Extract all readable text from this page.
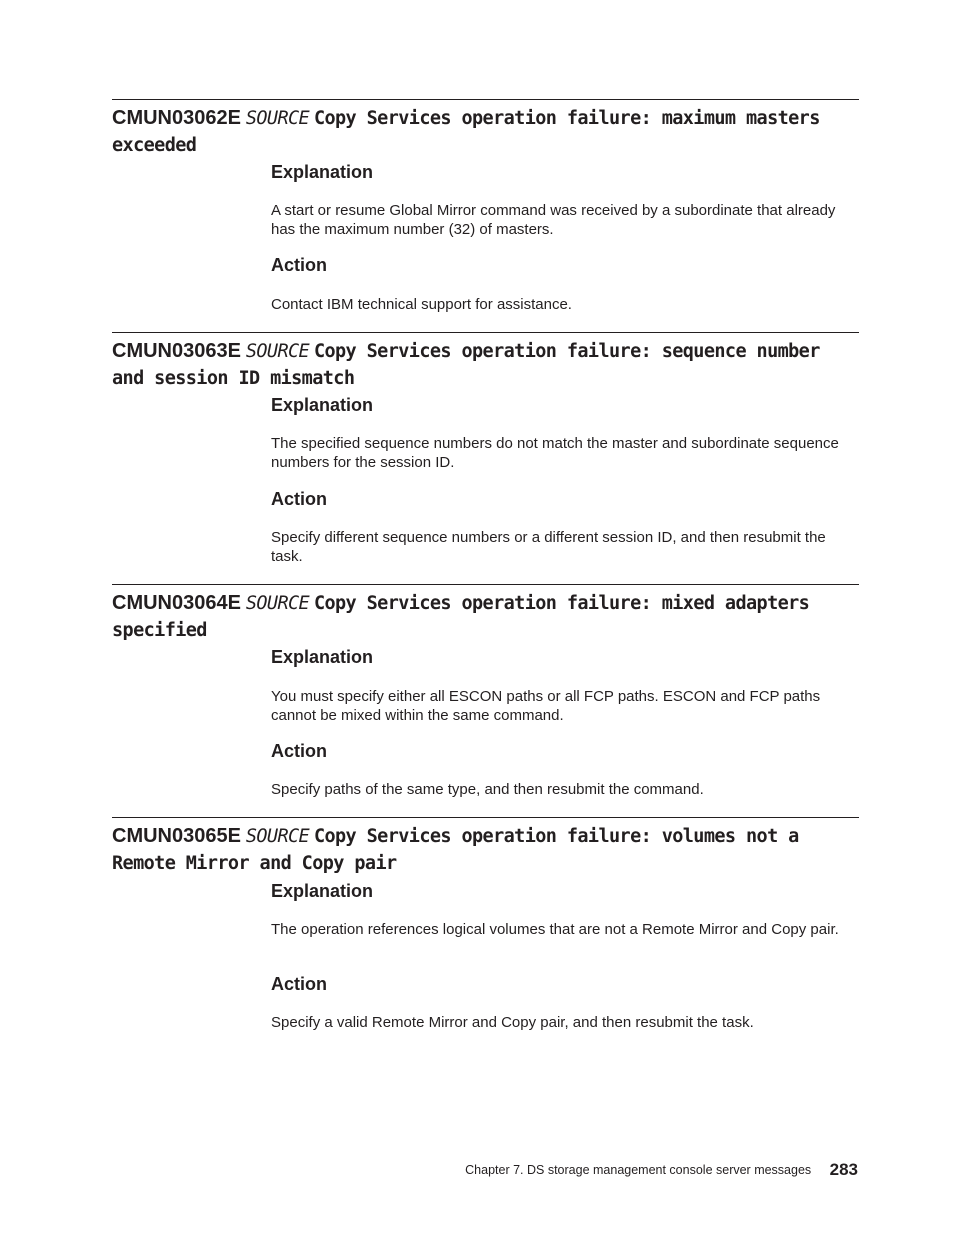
CMUN03062E SOURCE Copy Services operation failure: maximum masters exceeded
Explanation

A start or resume Global Mirror command was received by a subordinate that already has the maximum number (32) of masters.

Action

Contact IBM technical support for assistance.

CMUN03063E SOURCE Copy Services operation failure: sequence number and session ID mismatch
Explanation

The specified sequence numbers do not match the master and subordinate sequence numbers for the session ID.

Action

Specify different sequence numbers or a different session ID, and then resubmit the task.

CMUN03064E SOURCE Copy Services operation failure: mixed adapters specified
Explanation

You must specify either all ESCON paths or all FCP paths. ESCON and FCP paths cannot be mixed within the same command.

Action

Specify paths of the same type, and then resubmit the command.

CMUN03065E SOURCE Copy Services operation failure: volumes not a Remote Mirror and Copy pair
Explanation

The operation references logical volumes that are not a Remote Mirror and Copy pair.

Action

Specify a valid Remote Mirror and Copy pair, and then resubmit the task.

Chapter 7. DS storage management console server messages 283
